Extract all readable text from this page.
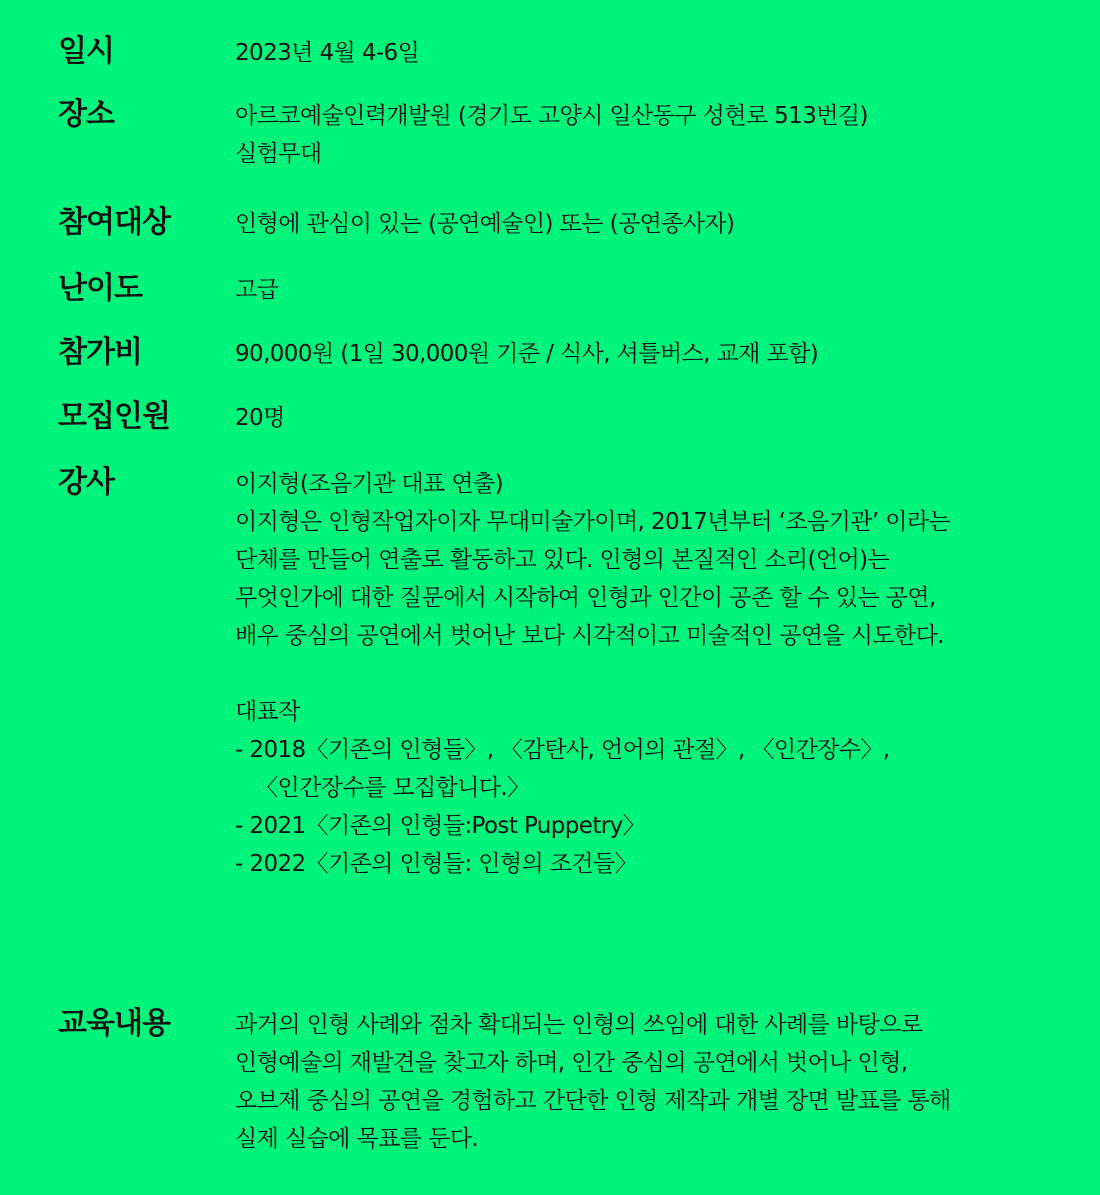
일시	2023년 4월 4-6일
장소	아르코예술인력개발원 (경기도 고양시 일산동구 성현로 513번길)
실험무대
참여대상	인형에 관심이 있는 (공연예술인) 또는 (공연종사자)
난이도	고급
참가비	90,000원 (1일 30,000원 기준 / 식사, 셔틀버스, 교재 포함)
모집인원	20명
강사	이지형(조음기관 대표 연출)
이지형은 인형작업자이자 무대미술가이며, 2017년부터 ‘조음기관’ 이라는
단체를 만들어 연출로 활동하고 있다. 인형의 본질적인 소리(언어)는
무엇인가에 대한 질문에서 시작하여 인형과 인간이 공존 할 수 있는 공연,
배우 중심의 공연에서 벗어난 보다 시각적이고 미술적인 공연을 시도한다.
대표작
- 2018〈기존의 인형들〉, 〈감탄사, 언어의 관절〉, 〈인간장수〉,
〈인간장수를 모집합니다.〉
- 2021〈기존의 인형들:Post Puppetry〉
- 2022〈기존의 인형들: 인형의 조건들〉
교육내용	과거의 인형 사례와 점차 확대되는 인형의 쓰임에 대한 사례를 바탕으로
인형예술의 재발견을 찾고자 하며, 인간 중심의 공연에서 벗어나 인형,
오브제 중심의 공연을 경험하고 간단한 인형 제작과 개별 장면 발표를 통해
실제 실습에 목표를 둔다.
